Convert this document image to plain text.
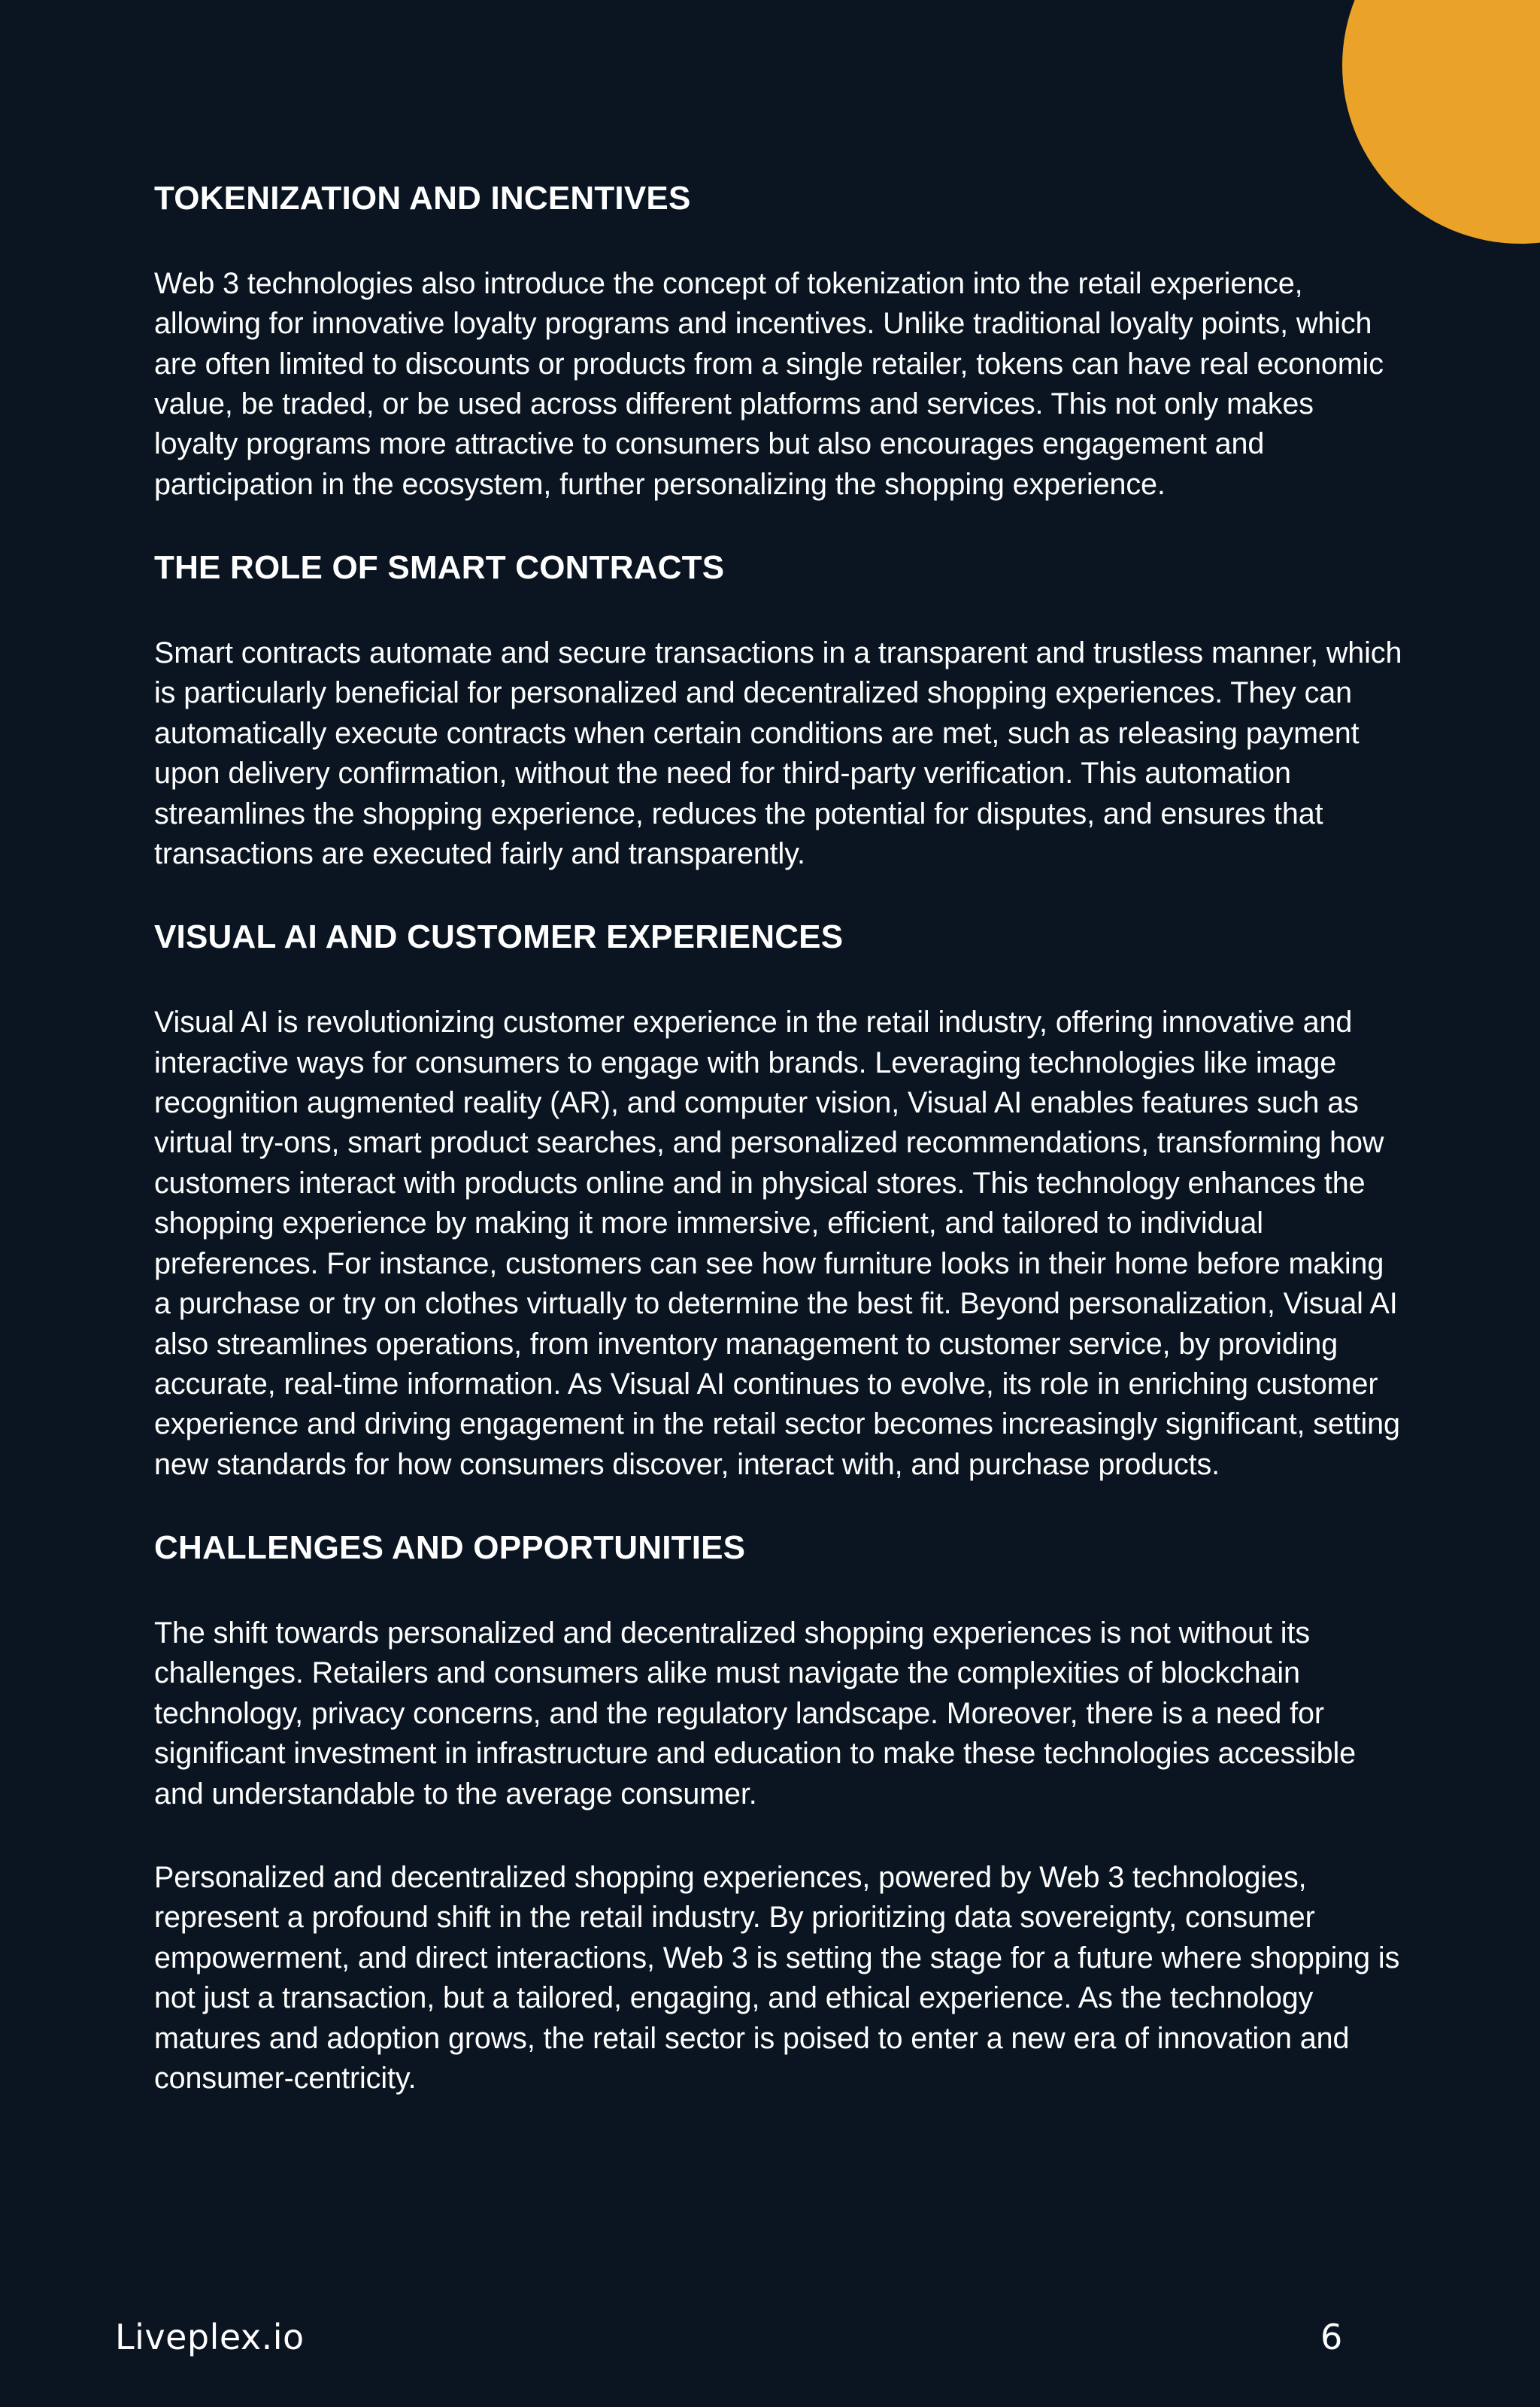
TOKENIZATION AND INCENTIVES

Web 3 technologies also introduce the concept of tokenization into the retail experience, allowing for innovative loyalty programs and incentives. Unlike traditional loyalty points, which are often limited to discounts or products from a single retailer, tokens can have real economic value, be traded, or be used across different platforms and services. This not only makes loyalty programs more attractive to consumers but also encourages engagement and participation in the ecosystem, further personalizing the shopping experience.

THE ROLE OF SMART CONTRACTS

Smart contracts automate and secure transactions in a transparent and trustless manner, which is particularly beneficial for personalized and decentralized shopping experiences. They can automatically execute contracts when certain conditions are met, such as releasing payment upon delivery confirmation, without the need for third-party verification. This automation streamlines the shopping experience, reduces the potential for disputes, and ensures that transactions are executed fairly and transparently.

VISUAL AI AND CUSTOMER EXPERIENCES

Visual AI is revolutionizing customer experience in the retail industry, offering innovative and interactive ways for consumers to engage with brands. Leveraging technologies like image recognition augmented reality (AR), and computer vision, Visual AI enables features such as virtual try-ons, smart product searches, and personalized recommendations, transforming how customers interact with products online and in physical stores. This technology enhances the shopping experience by making it more immersive, efficient, and tailored to individual preferences. For instance, customers can see how furniture looks in their home before making a purchase or try on clothes virtually to determine the best fit. Beyond personalization, Visual AI also streamlines operations, from inventory management to customer service, by providing accurate, real-time information. As Visual AI continues to evolve, its role in enriching customer experience and driving engagement in the retail sector becomes increasingly significant, setting new standards for how consumers discover, interact with, and purchase products.

CHALLENGES AND OPPORTUNITIES

The shift towards personalized and decentralized shopping experiences is not without its challenges. Retailers and consumers alike must navigate the complexities of blockchain technology, privacy concerns, and the regulatory landscape. Moreover, there is a need for significant investment in infrastructure and education to make these technologies accessible and understandable to the average consumer.

Personalized and decentralized shopping experiences, powered by Web 3 technologies, represent a profound shift in the retail industry. By prioritizing data sovereignty, consumer empowerment, and direct interactions, Web 3 is setting the stage for a future where shopping is not just a transaction, but a tailored, engaging, and ethical experience. As the technology matures and adoption grows, the retail sector is poised to enter a new era of innovation and consumer-centricity.

Liveplex.io	6
